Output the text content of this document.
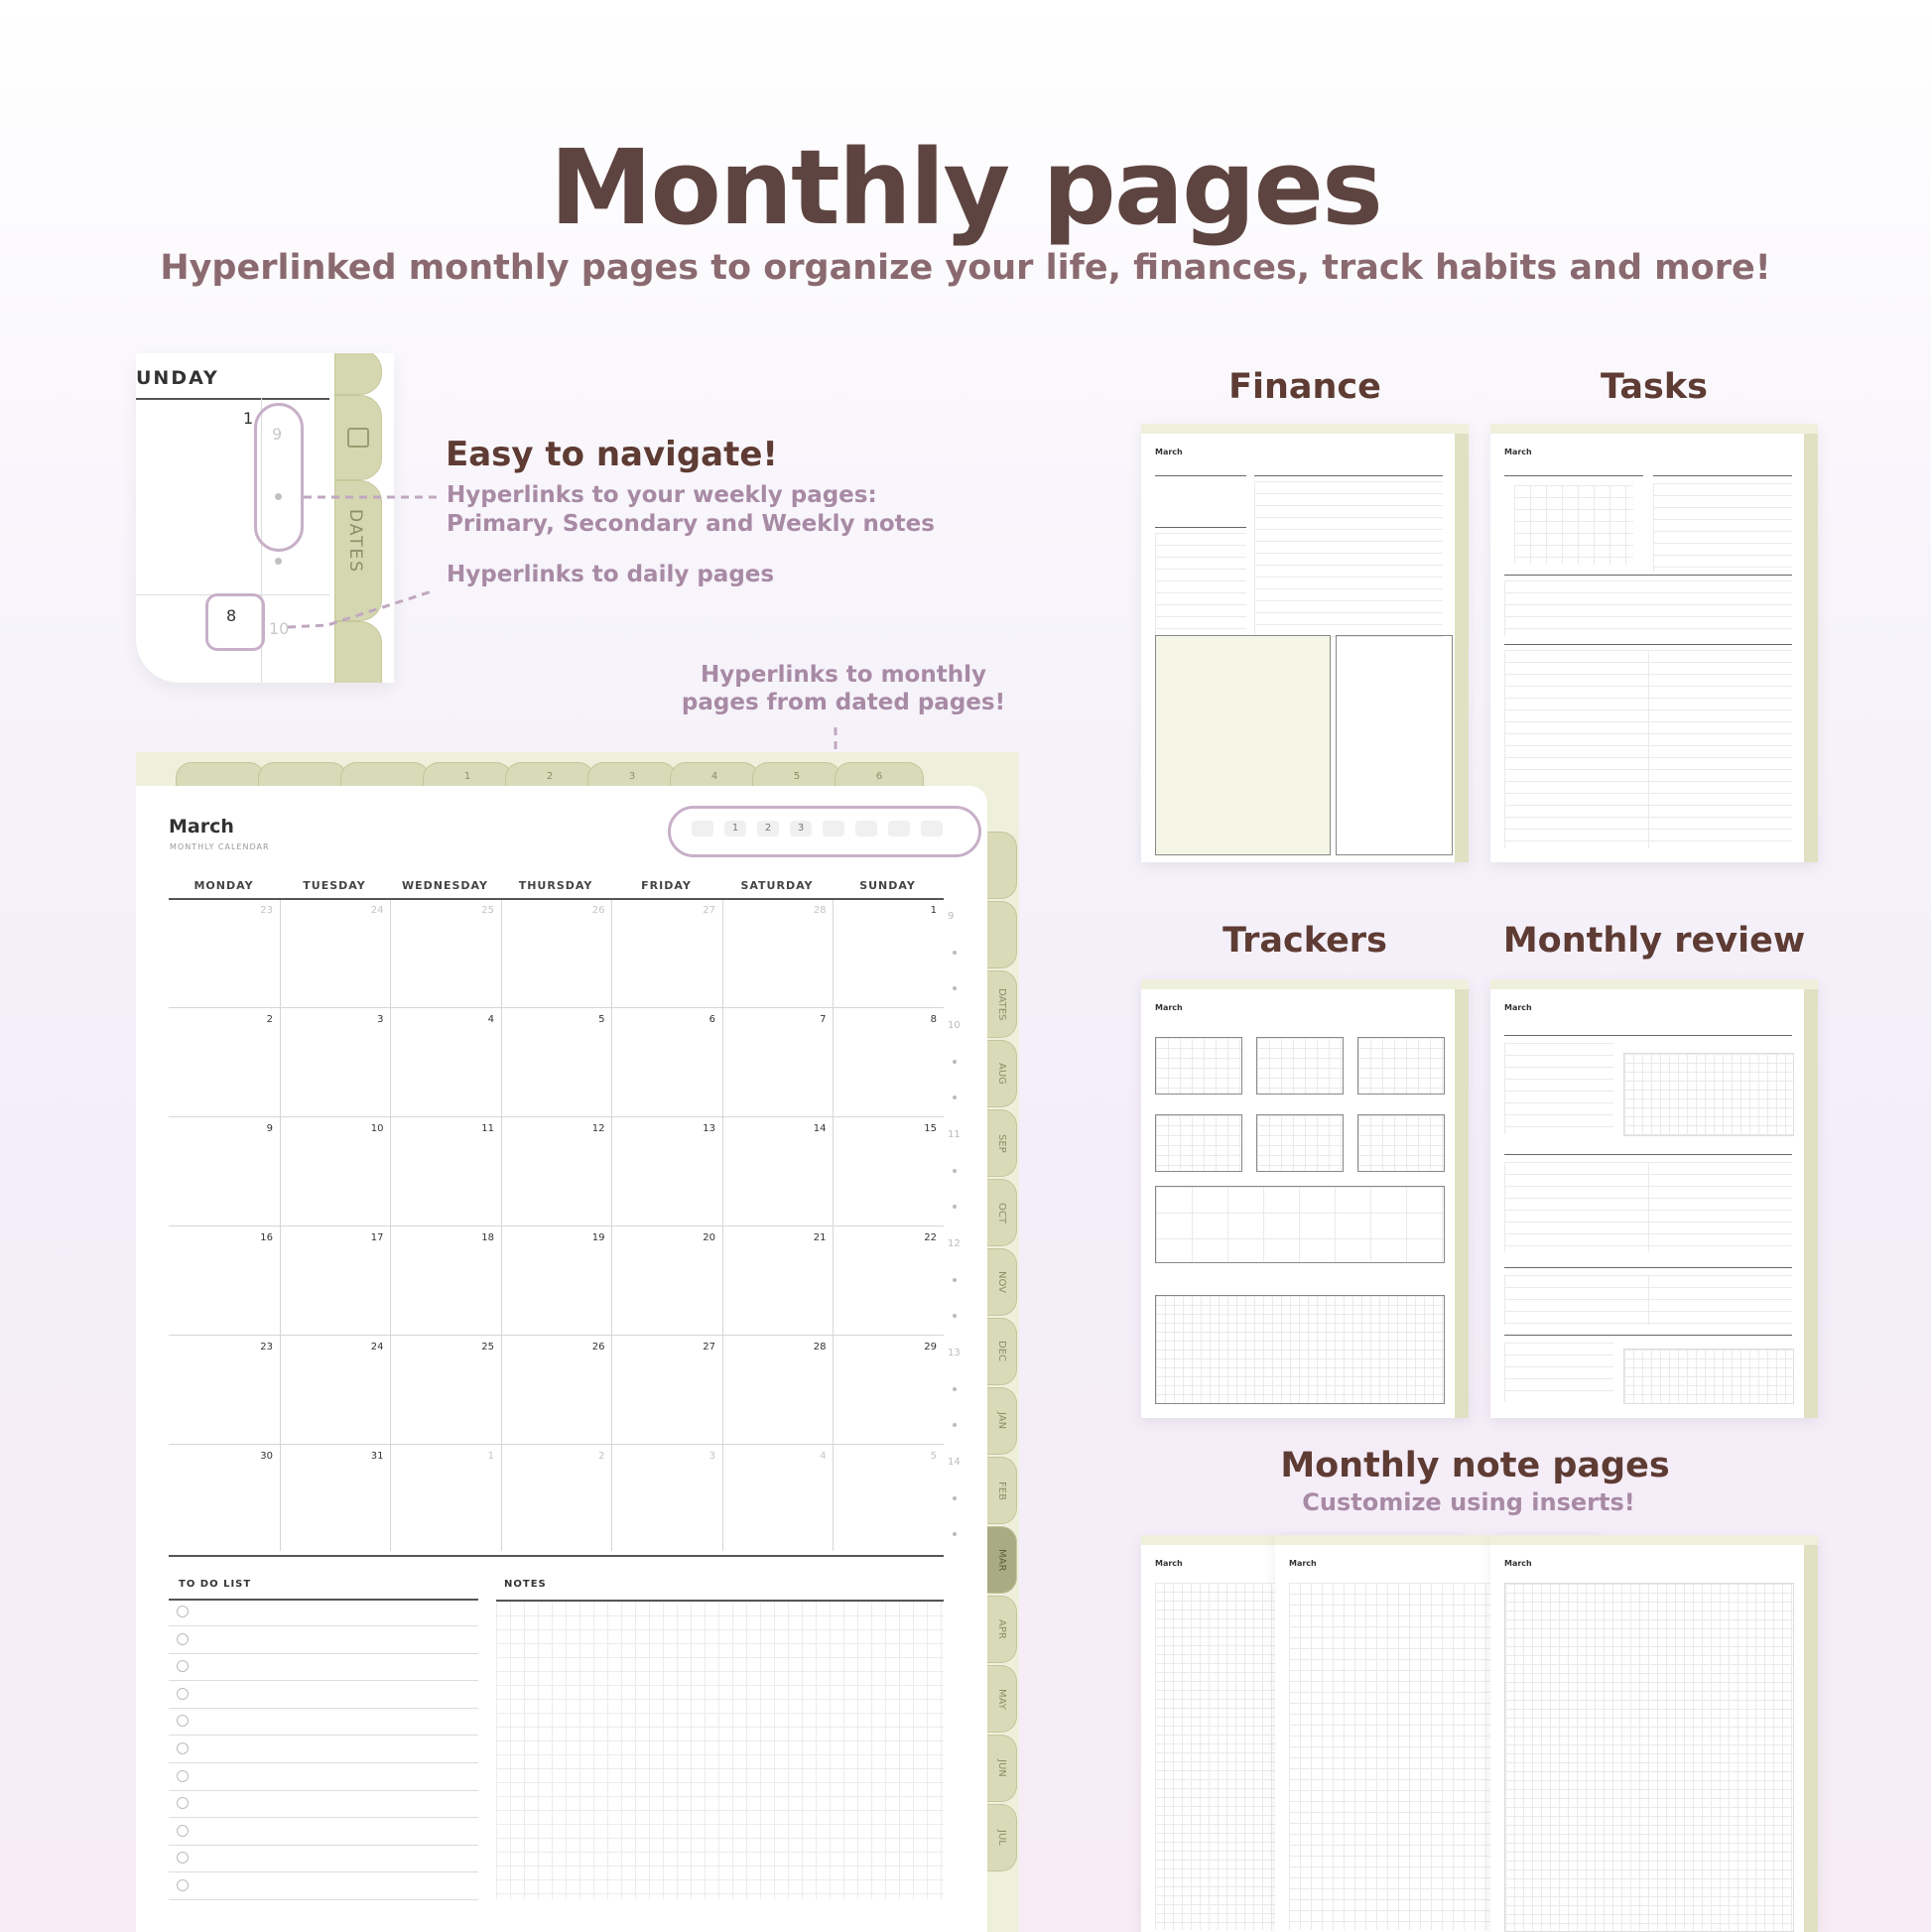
Monthly pages
Hyperlinked monthly pages to organize your life, finances, track habits and more!
UNDAY
1
9
8
10
DATES
Easy to navigate!
Hyperlinks to your weekly pages:
Primary, Secondary and Weekly notes
Hyperlinks to daily pages
Hyperlinks to monthly
pages from dated pages!
1	2	3	4	5	6
DATES
AUG
SEP
OCT
NOV
DEC
JAN
FEB
MAR
APR
MAY
JUN
JUL
March
MONTHLY CALENDAR
1	2	3
MONDAY	TUESDAY	WEDNESDAY	THURSDAY	FRIDAY	SATURDAY	SUNDAY
23	24	25	26	27	28	1
2	3	4	5	6	7	8
9	10	11	12	13	14	15
16	17	18	19	20	21	22
23	24	25	26	27	28	29
30	31	1	2	3	4	5
9
10
11
12
13
14
TO DO LIST	NOTES
Finance	Tasks
Trackers	Monthly review
Monthly note pages
Customize using inserts!
March	March
March	March
March	March	March
